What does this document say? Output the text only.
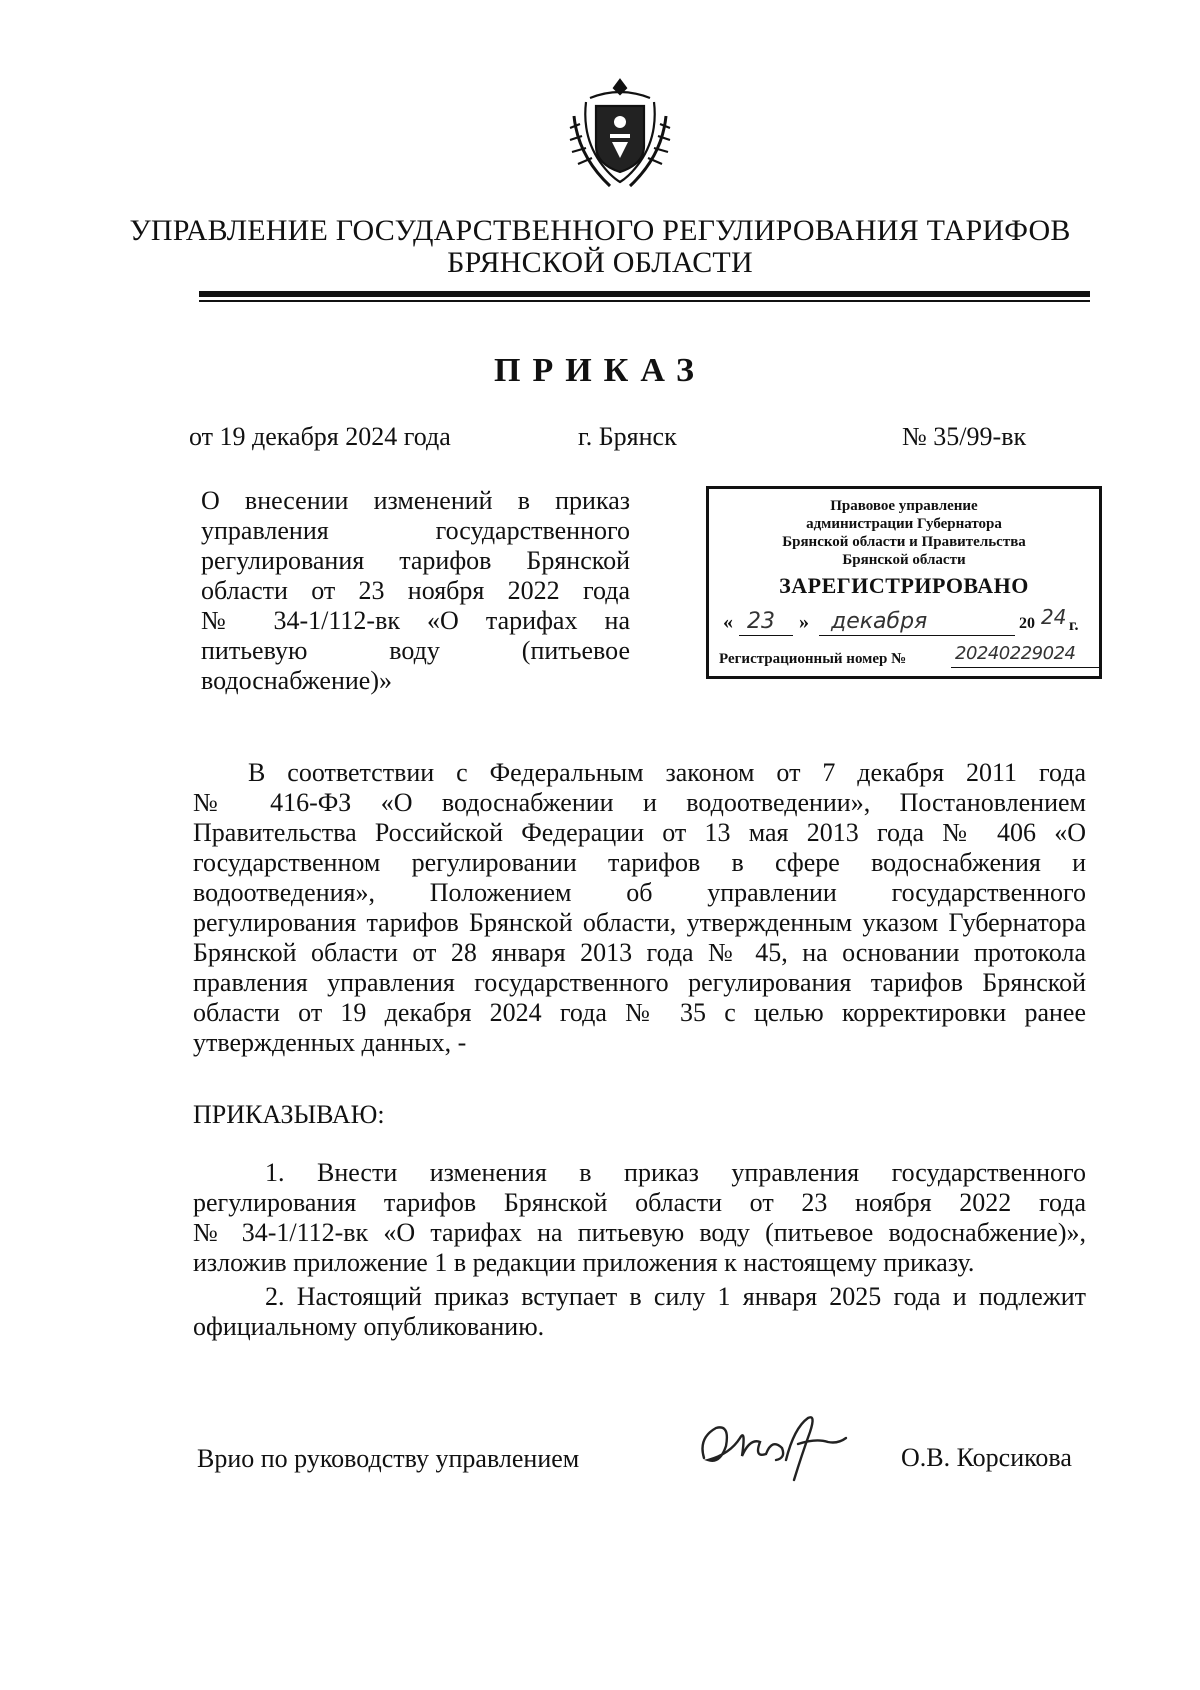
УПРАВЛЕНИЕ ГОСУДАРСТВЕННОГО РЕГУЛИРОВАНИЯ ТАРИФОВ
БРЯНСКОЙ ОБЛАСТИ
ПРИКАЗ
от 19 декабря 2024 года	г. Брянск	№ 35/99-вк
О внесении изменений в приказ
управления государственного
регулирования тарифов Брянской
области от 23 ноября 2022 года
№ 34-1/112-вк «О тарифах на
питьевую воду (питьевое
водоснабжение)»
Правовое управление
администрации Губернатора
Брянской области и Правительства
Брянской области
ЗАРЕГИСТРИРОВАНО
« 23 » декабря	20 24 г.
Регистрационный номер №	20240229024
В соответствии с Федеральным законом от 7 декабря 2011 года
№ 416-ФЗ «О водоснабжении и водоотведении», Постановлением
Правительства Российской Федерации от 13 мая 2013 года № 406 «О
государственном регулировании тарифов в сфере водоснабжения и
водоотведения», Положением об управлении государственного
регулирования тарифов Брянской области, утвержденным указом Губернатора
Брянской области от 28 января 2013 года № 45, на основании протокола
правления управления государственного регулирования тарифов Брянской
области от 19 декабря 2024 года № 35 с целью корректировки ранее
утвержденных данных, -
ПРИКАЗЫВАЮ:
1. Внести изменения в приказ управления государственного
регулирования тарифов Брянской области от 23 ноября 2022 года
№ 34-1/112-вк «О тарифах на питьевую воду (питьевое водоснабжение)»,
изложив приложение 1 в редакции приложения к настоящему приказу.
2. Настоящий приказ вступает в силу 1 января 2025 года и подлежит
официальному опубликованию.
Врио по руководству управлением	О.В. Корсикова
